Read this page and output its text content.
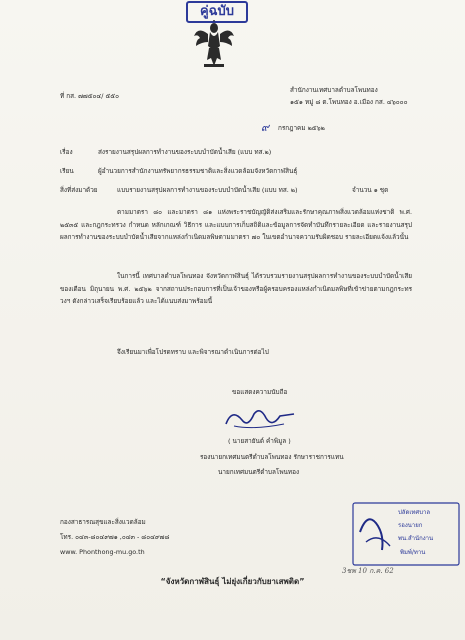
คู่ฉบับ
ที่ กส. ๗๗๕๐๔/ ๕๕๐
สำนักงานเทศบาลตำบลโพนทอง
๑๕๑ หมู่ ๘ ต.โพนทอง อ.เมือง กส. ๔๖๐๐๐
๙ กรกฎาคม ๒๕๖๒
เรื่อง	ส่งรายงานสรุปผลการทำงานของระบบบำบัดน้ำเสีย (แบบ ทส.๒)
เรียน	ผู้อำนวยการสำนักงานทรัพยากรธรรมชาติและสิ่งแวดล้อมจังหวัดกาฬสินธุ์
สิ่งที่ส่งมาด้วย	แบบรายงานสรุปผลการทำงานของระบบบำบัดน้ำเสีย (แบบ ทส. ๒)	จำนวน ๑ ชุด
ตามมาตรา ๘๐ และมาตรา ๘๑ แห่งพระราชบัญญัติส่งเสริมและรักษาคุณภาพสิ่งแวดล้อมแห่งชาติ พ.ศ. ๒๕๓๕ และกฎกระทรวง กำหนด หลักเกณฑ์ วิธีการ และแบบการเก็บสถิติและข้อมูลการจัดทำบันทึกรายละเอียด และรายงานสรุปผลการทำงานของระบบบำบัดน้ำเสียจากแหล่งกำเนิดมลพิษตามมาตรา ๗๐ ในเขตอำนาจความรับผิดชอบ รายละเอียดแจ้งแล้วนั้น
ในการนี้ เทศบาลตำบลโพนทอง จังหวัดกาฬสินธุ์ ได้รวบรวมรายงานสรุปผลการทำงานของระบบบำบัดน้ำเสีย ของเดือน มิถุนายน พ.ศ. ๒๕๖๒ จากสถานประกอบการที่เป็นเจ้าของหรือผู้ครอบครองแหล่งกำเนิดมลพิษที่เข้าข่ายตามกฎกระทรวงฯ ดังกล่าวเสร็จเรียบร้อยแล้ว และได้แนบส่งมาพร้อมนี้
จึงเรียนมาเพื่อโปรดทราบ และพิจารณาดำเนินการต่อไป
ขอแสดงความนับถือ
( นายสายันต์ คำพิมูล )
รองนายกเทศมนตรีตำบลโพนทอง รักษาราชการแทน
นายกเทศมนตรีตำบลโพนทอง
กองสาธารณสุขและสิ่งแวดล้อม
โทร. ๐๔๓-๘๐๔๙๗๑ ,๐๔๓ - ๘๐๔๙๗๘
www. Phonthong-mu.go.th
ปลัดเทศบาล
รองนายก
พน.สำนักงาน
พิมพ์/ทาน
3ชพ 10 ก.ค. 62
“จังหวัดกาฬสินธุ์ ไม่ยุ่งเกี่ยวกับยาเสพติด”
